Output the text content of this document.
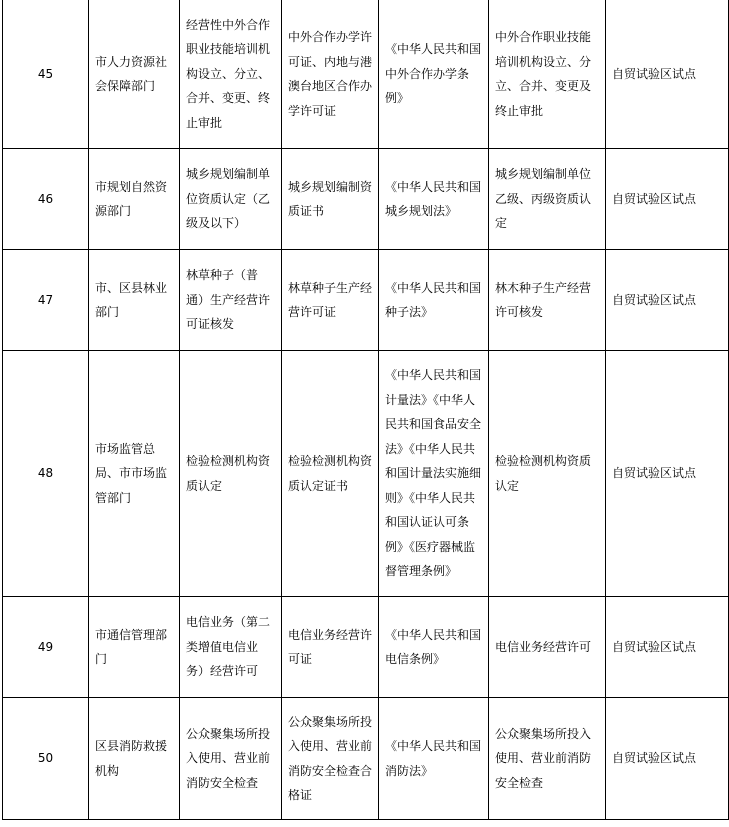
45	市人力资源社会保障部门	经营性中外合作职业技能培训机构设立、分立、合并、变更、终止审批	中外合作办学许可证、内地与港澳台地区合作办学许可证	《中华人民共和国中外合作办学条例》	中外合作职业技能培训机构设立、分立、合并、变更及终止审批	自贸试验区试点
46	市规划自然资源部门	城乡规划编制单位资质认定（乙级及以下）	城乡规划编制资质证书	《中华人民共和国城乡规划法》	城乡规划编制单位乙级、丙级资质认定	自贸试验区试点
47	市、区县林业部门	林草种子（普通）生产经营许可证核发	林草种子生产经营许可证	《中华人民共和国种子法》	林木种子生产经营许可核发	自贸试验区试点
48	市场监管总局、市市场监管部门	检验检测机构资质认定	检验检测机构资质认定证书	《中华人民共和国计量法》《中华人民共和国食品安全法》《中华人民共和国计量法实施细则》《中华人民共和国认证认可条例》《医疗器械监督管理条例》	检验检测机构资质认定	自贸试验区试点
49	市通信管理部门	电信业务（第二类增值电信业务）经营许可	电信业务经营许可证	《中华人民共和国电信条例》	电信业务经营许可	自贸试验区试点
50	区县消防救援机构	公众聚集场所投入使用、营业前消防安全检查	公众聚集场所投入使用、营业前消防安全检查合格证	《中华人民共和国消防法》	公众聚集场所投入使用、营业前消防安全检查	自贸试验区试点
